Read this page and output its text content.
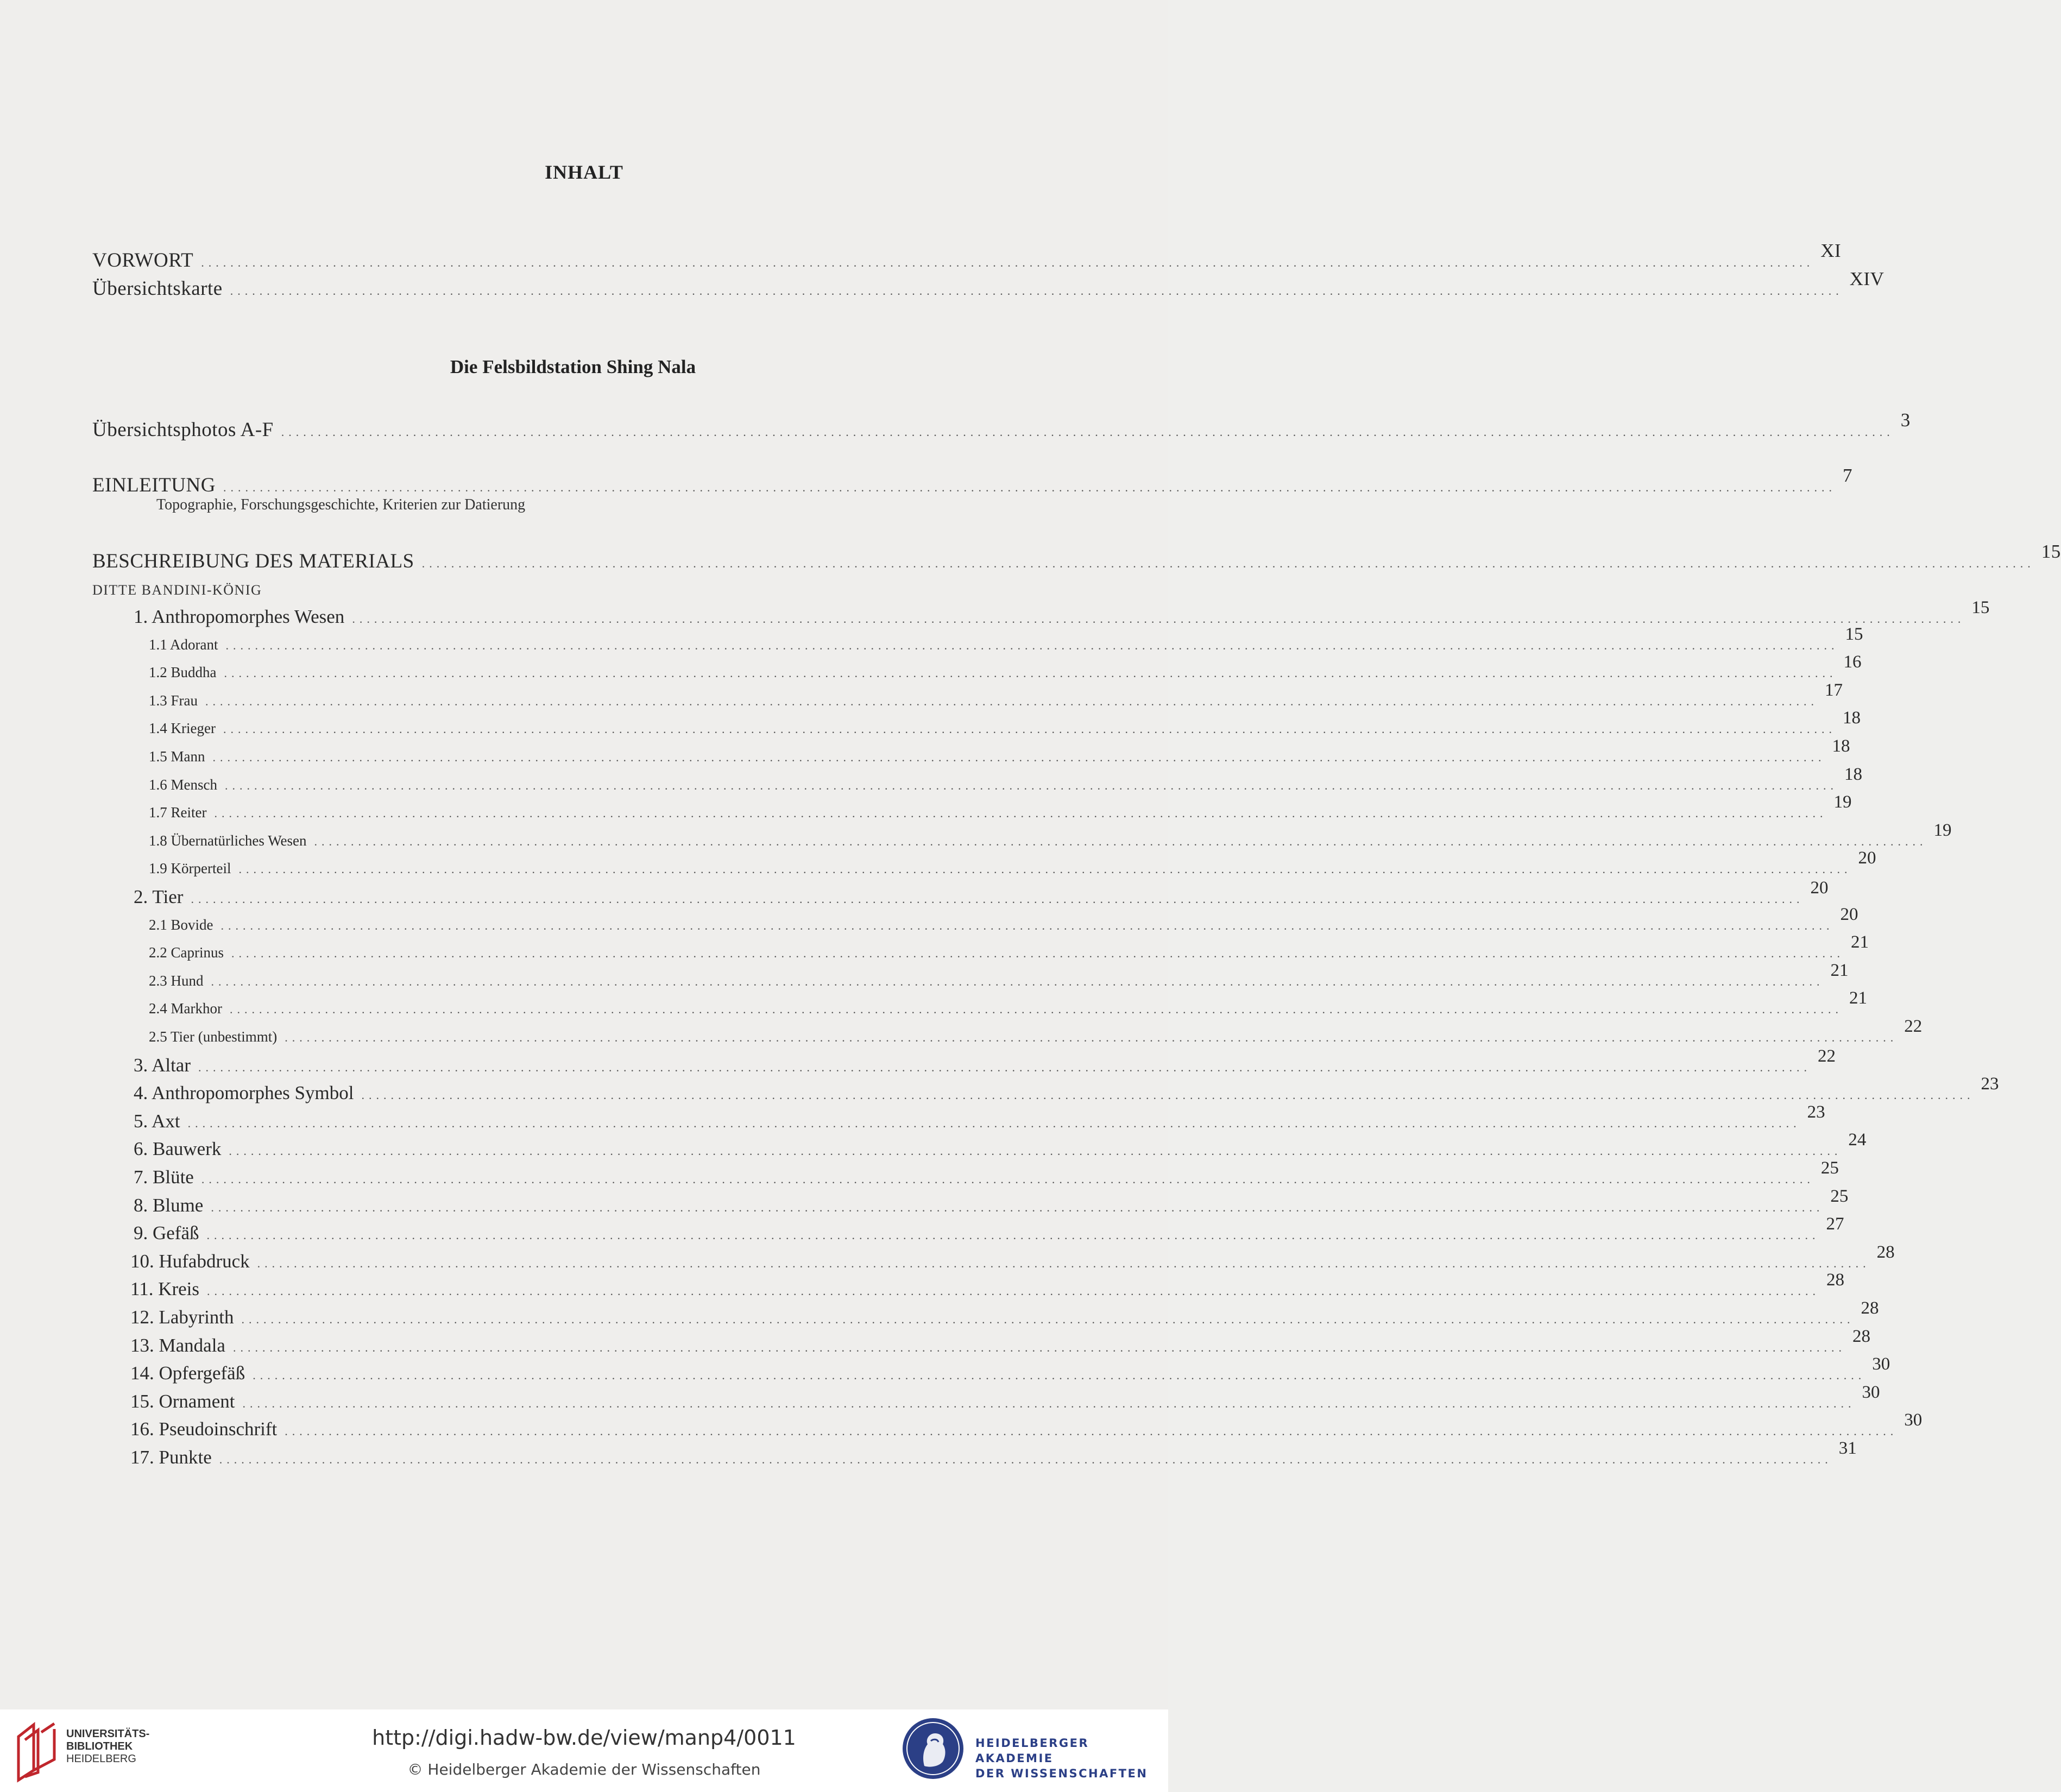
INHALT
Die Felsbildstation Shing Nala
VORWORT ............................................................................................................................................................................................................................
XI
Übersichtskarte ............................................................................................................................................................................................................................
XIV
Übersichtsphotos A-F ............................................................................................................................................................................................................................
3
EINLEITUNG ............................................................................................................................................................................................................................
7
Topographie, Forschungsgeschichte, Kriterien zur Datierung
BESCHREIBUNG DES MATERIALS ............................................................................................................................................................................................................................
15
DITTE BANDINI-KÖNIG
1. Anthropomorphes Wesen ............................................................................................................................................................................................................................
15
1.1 Adorant ............................................................................................................................................................................................................................
15
1.2 Buddha ............................................................................................................................................................................................................................
16
1.3 Frau ............................................................................................................................................................................................................................
17
1.4 Krieger ............................................................................................................................................................................................................................
18
1.5 Mann ............................................................................................................................................................................................................................
18
1.6 Mensch ............................................................................................................................................................................................................................
18
1.7 Reiter ............................................................................................................................................................................................................................
19
1.8 Übernatürliches Wesen ............................................................................................................................................................................................................................
19
1.9 Körperteil ............................................................................................................................................................................................................................
20
2. Tier ............................................................................................................................................................................................................................
20
2.1 Bovide ............................................................................................................................................................................................................................
20
2.2 Caprinus ............................................................................................................................................................................................................................
21
2.3 Hund ............................................................................................................................................................................................................................
21
2.4 Markhor ............................................................................................................................................................................................................................
21
2.5 Tier (unbestimmt) ............................................................................................................................................................................................................................
22
3. Altar ............................................................................................................................................................................................................................
22
4. Anthropomorphes Symbol ............................................................................................................................................................................................................................
23
5. Axt ............................................................................................................................................................................................................................
23
6. Bauwerk ............................................................................................................................................................................................................................
24
7. Blüte ............................................................................................................................................................................................................................
25
8. Blume ............................................................................................................................................................................................................................
25
9. Gefäß ............................................................................................................................................................................................................................
27
10. Hufabdruck ............................................................................................................................................................................................................................
28
11. Kreis ............................................................................................................................................................................................................................
28
12. Labyrinth ............................................................................................................................................................................................................................
28
13. Mandala ............................................................................................................................................................................................................................
28
14. Opfergefäß ............................................................................................................................................................................................................................
30
15. Ornament ............................................................................................................................................................................................................................
30
16. Pseudoinschrift ............................................................................................................................................................................................................................
30
17. Punkte ............................................................................................................................................................................................................................
31
UNIVERSITÄTS-
BIBLIOTHEK
HEIDELBERG
http://digi.hadw-bw.de/view/manp4/0011
© Heidelberger Akademie der Wissenschaften
HEIDELBERGER AKADEMIE
DER WISSENSCHAFTEN
